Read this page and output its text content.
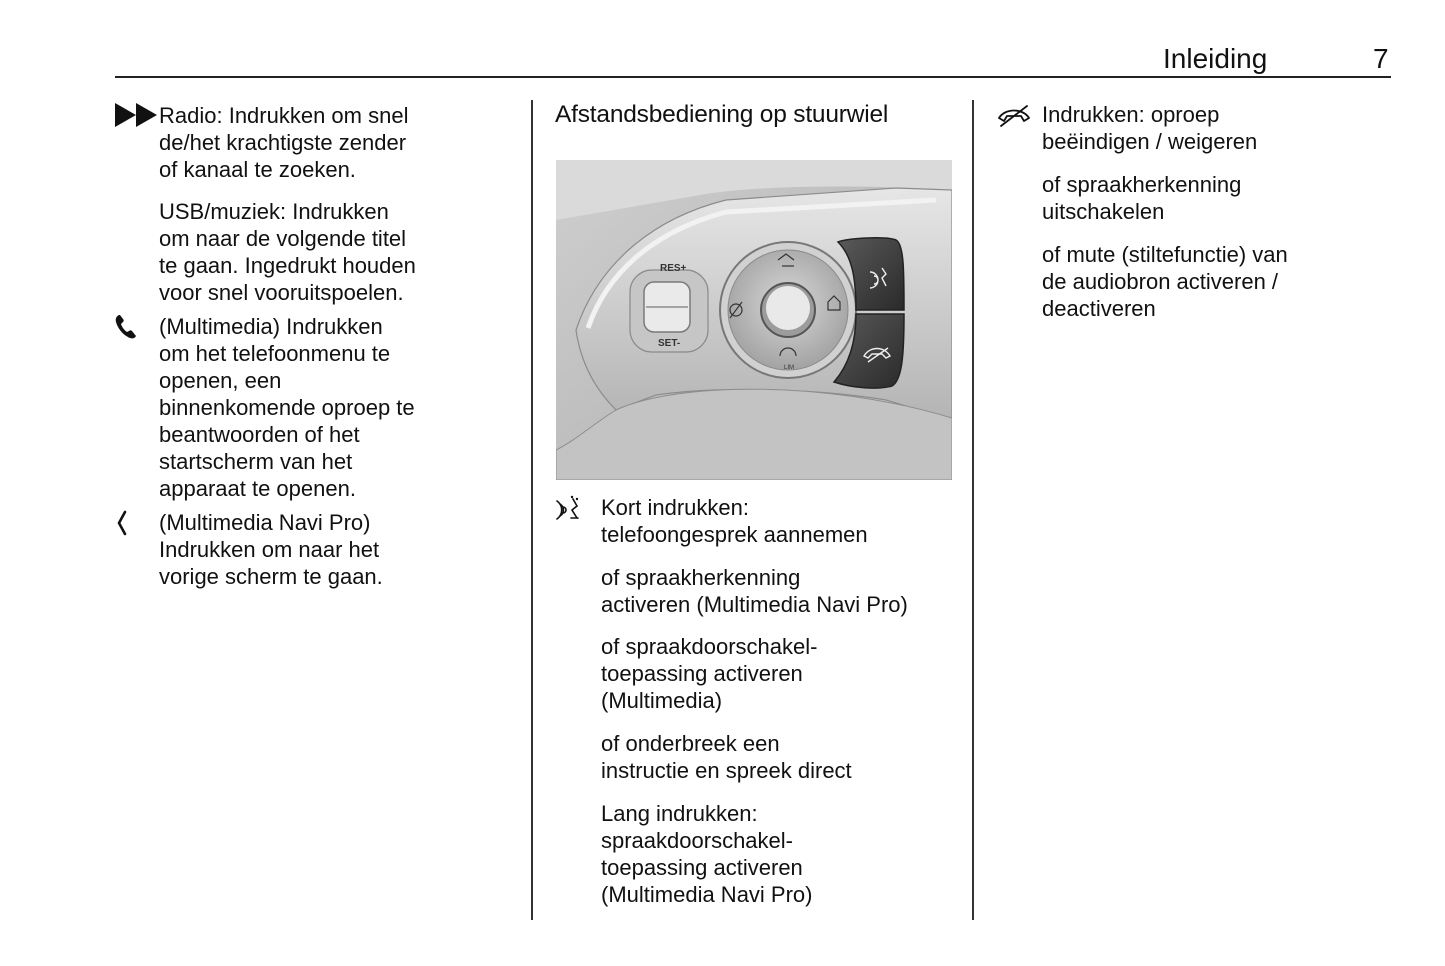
Inleiding	7

Radio: Indrukken om snel
de/het krachtigste zender
of kanaal te zoeken.

USB/muziek: Indrukken
om naar de volgende titel
te gaan. Ingedrukt houden
voor snel vooruitspoelen.

(Multimedia) Indrukken
om het telefoonmenu te
openen, een
binnenkomende oproep te
beantwoorden of het
startscherm van het
apparaat te openen.

(Multimedia Navi Pro)
Indrukken om naar het
vorige scherm te gaan.

Afstandsbediening op stuurwiel
RES+
SET-
LIM

Kort indrukken:
telefoongesprek aannemen

of spraakherkenning
activeren (Multimedia Navi Pro)

of spraakdoorschakel-
toepassing activeren
(Multimedia)

of onderbreek een
instructie en spreek direct

Lang indrukken:
spraakdoorschakel-
toepassing activeren
(Multimedia Navi Pro)

Indrukken: oproep
beëindigen / weigeren

of spraakherkenning
uitschakelen

of mute (stiltefunctie) van
de audiobron activeren /
deactiveren
